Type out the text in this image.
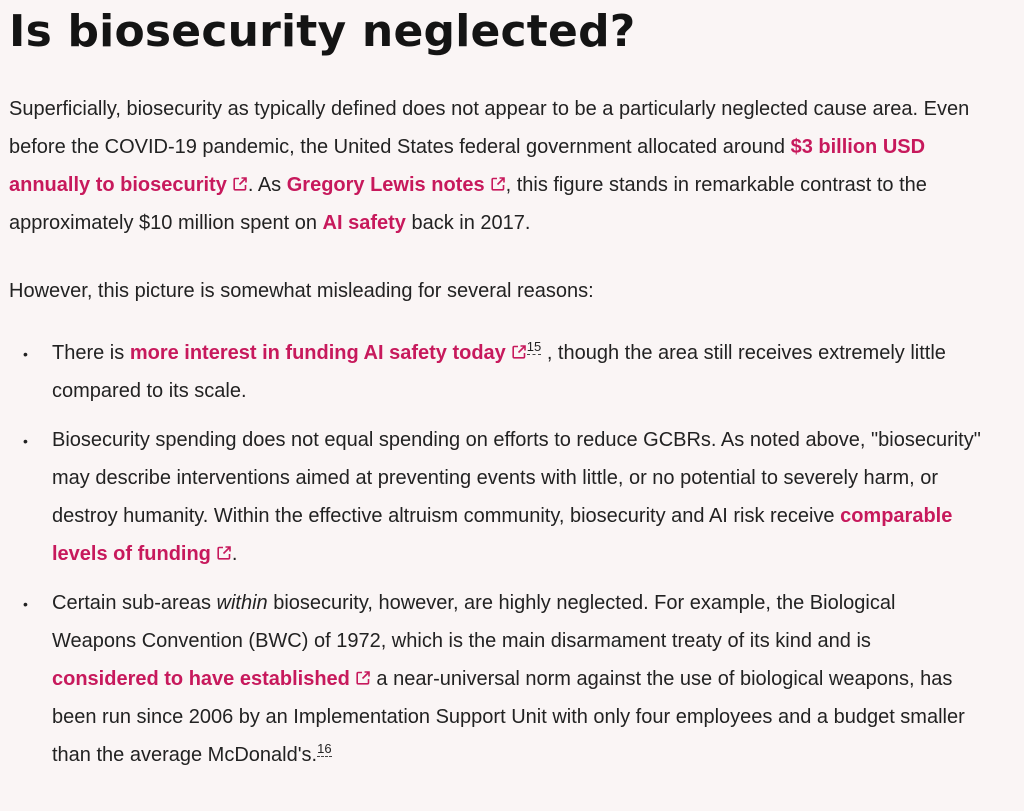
Is biosecurity neglected?

Superficially, biosecurity as typically defined does not appear to be a particularly neglected cause area. Even before the COVID-19 pandemic, the United States federal government allocated around $3 billion USD annually to biosecurity . As Gregory Lewis notes , this figure stands in remarkable contrast to the approximately $10 million spent on AI safety back in 2017.

However, this picture is somewhat misleading for several reasons:

• There is more interest in funding AI safety today $^{15}$ , though the area still receives extremely little compared to its scale.
• Biosecurity spending does not equal spending on efforts to reduce GCBRs. As noted above, "biosecurity" may describe interventions aimed at preventing events with little, or no potential to severely harm, or destroy humanity. Within the effective altruism community, biosecurity and AI risk receive comparable levels of funding .
• Certain sub-areas within biosecurity, however, are highly neglected. For example, the Biological Weapons Convention (BWC) of 1972, which is the main disarmament treaty of its kind and is considered to have established
a near-universal norm against the use of biological weapons, has been run since 2006 by an Implementation Support Unit with only four employees and a budget smaller than the average McDonald's.$^{16}$
